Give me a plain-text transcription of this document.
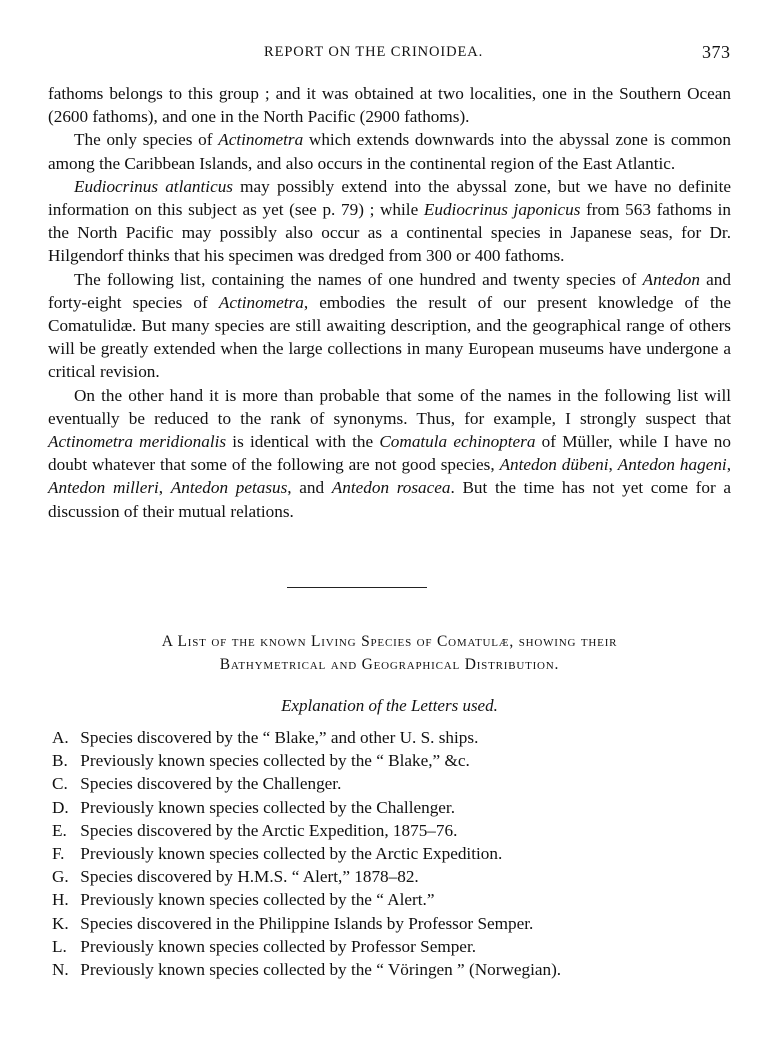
REPORT ON THE CRINOIDEA.	373

fathoms belongs to this group ; and it was obtained at two localities, one in the Southern Ocean (2600 fathoms), and one in the North Pacific (2900 fathoms).

The only species of Actinometra which extends downwards into the abyssal zone is common among the Caribbean Islands, and also occurs in the continental region of the East Atlantic.

Eudiocrinus atlanticus may possibly extend into the abyssal zone, but we have no definite information on this subject as yet (see p. 79) ; while Eudiocrinus japonicus from 563 fathoms in the North Pacific may possibly also occur as a continental species in Japanese seas, for Dr. Hilgendorf thinks that his specimen was dredged from 300 or 400 fathoms.

The following list, containing the names of one hundred and twenty species of Antedon and forty-eight species of Actinometra, embodies the result of our present knowledge of the Comatulidæ. But many species are still awaiting description, and the geographical range of others will be greatly extended when the large collections in many European museums have undergone a critical revision.

On the other hand it is more than probable that some of the names in the following list will eventually be reduced to the rank of synonyms. Thus, for example, I strongly suspect that Actinometra meridionalis is identical with the Comatula echinoptera of Müller, while I have no doubt whatever that some of the following are not good species, Antedon dübeni, Antedon hageni, Antedon milleri, Antedon petasus, and Antedon rosacea. But the time has not yet come for a discussion of their mutual relations.

A List of the known Living Species of Comatulæ, showing their
Bathymetrical and Geographical Distribution.
Explanation of the Letters used.
A. Species discovered by the “ Blake,” and other U. S. ships.
B. Previously known species collected by the “ Blake,” &c.
C. Species discovered by the Challenger.
D. Previously known species collected by the Challenger.
E. Species discovered by the Arctic Expedition, 1875–76.
F. Previously known species collected by the Arctic Expedition.
G. Species discovered by H.M.S. “ Alert,” 1878–82.
H. Previously known species collected by the “ Alert.”
K. Species discovered in the Philippine Islands by Professor Semper.
L. Previously known species collected by Professor Semper.
N. Previously known species collected by the “ Vöringen ” (Norwegian).
